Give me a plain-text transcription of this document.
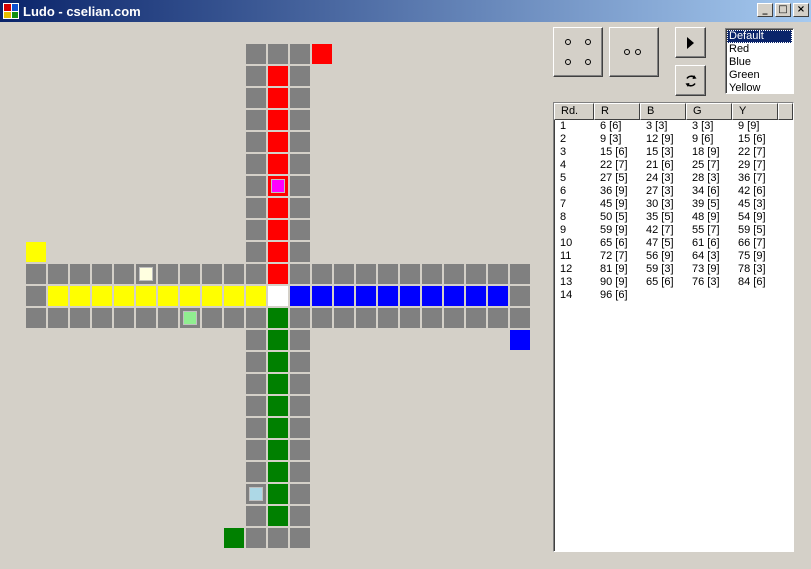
Ludo - cselian.com	_	□ ×
Default
Red
Blue
Green
Yellow
Rd.	R	B	G	Y
1	6 [6]	3 [3]	3 [3]	9 [9]
2	9 [3]	12 [9]	9 [6]	15 [6]
3	15 [6]	15 [3]	18 [9]	22 [7]
4	22 [7]	21 [6]	25 [7]	29 [7]
5	27 [5]	24 [3]	28 [3]	36 [7]
6	36 [9]	27 [3]	34 [6]	42 [6]
7	45 [9]	30 [3]	39 [5]	45 [3]
8	50 [5]	35 [5]	48 [9]	54 [9]
9	59 [9]	42 [7]	55 [7]	59 [5]
10	65 [6]	47 [5]	61 [6]	66 [7]
11	72 [7]	56 [9]	64 [3]	75 [9]
12	81 [9]	59 [3]	73 [9]	78 [3]
13	90 [9]	65 [6]	76 [3]	84 [6]
14	96 [6]
